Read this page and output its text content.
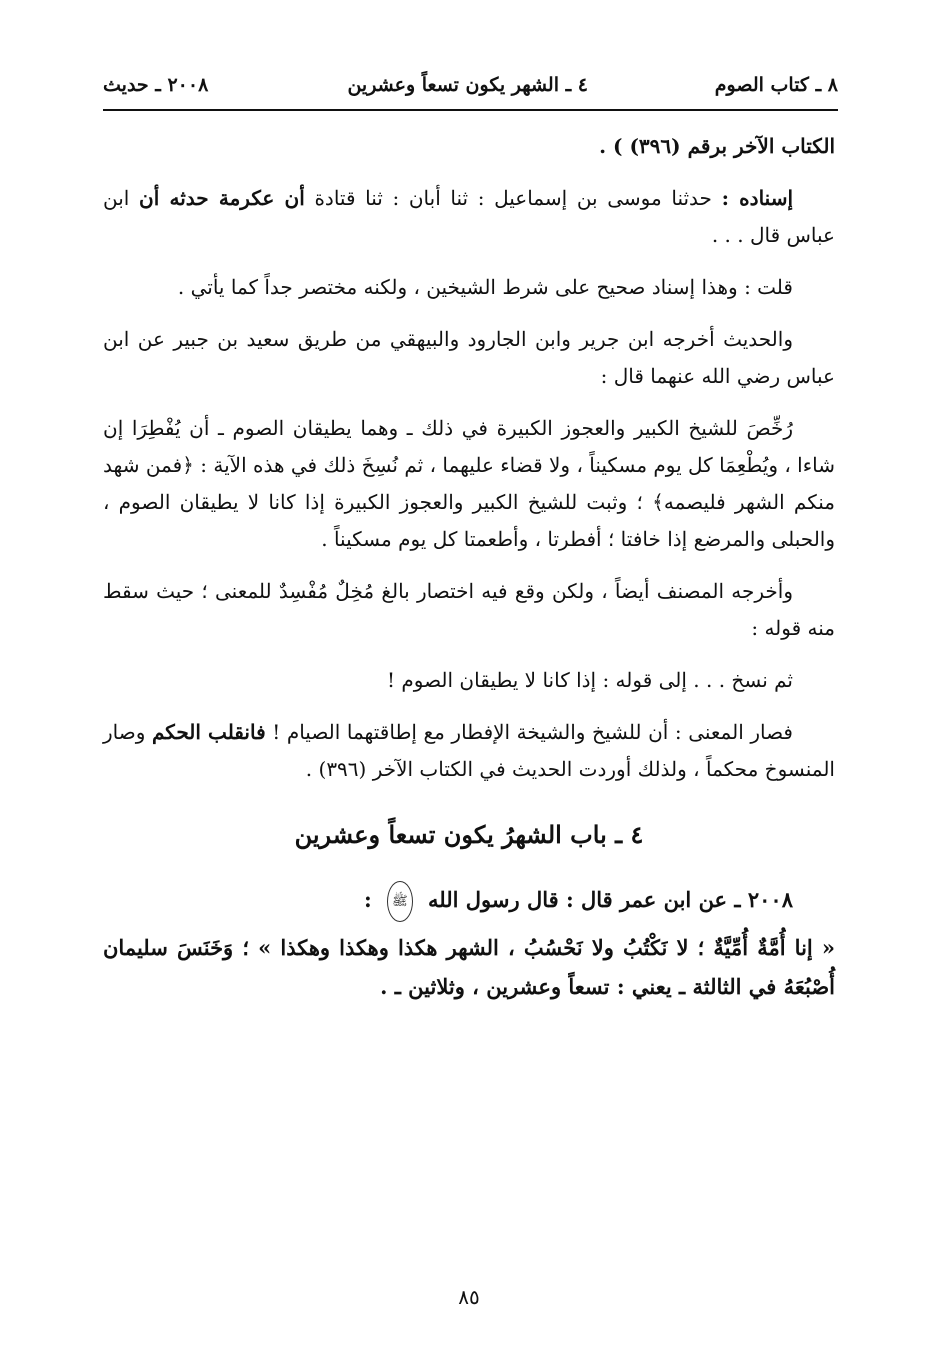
٨ ـ كتاب الصوم
٤ ـ الشهر يكون تسعاً وعشرين
٢٠٠٨ ـ حديث

الكتاب الآخر برقم (٣٩٦) ) .

إسناده : حدثنا موسى بن إسماعيل : ثنا أبان : ثنا قتادة أن عكرمة حدثه أن ابن عباس قال . . .

قلت : وهذا إسناد صحيح على شرط الشيخين ، ولكنه مختصر جداً كما يأتي .

والحديث أخرجه ابن جرير وابن الجارود والبيهقي من طريق سعيد بن جبير عن ابن عباس رضي الله عنهما قال :

رُخِّصَ للشيخ الكبير والعجوز الكبيرة في ذلك ـ وهما يطيقان الصوم ـ أن يُفْطِرَا إن شاءا ، ويُطْعِمَا كل يوم مسكيناً ، ولا قضاء عليهما ، ثم نُسِخَ ذلك في هذه الآية : ﴿فمن شهد منكم الشهر فليصمه﴾ ؛ وثبت للشيخ الكبير والعجوز الكبيرة إذا كانا لا يطيقان الصوم ، والحبلى والمرضع إذا خافتا ؛ أفطرتا ، وأطعمتا كل يوم مسكيناً .

وأخرجه المصنف أيضاً ، ولكن وقع فيه اختصار بالغ مُخِلٌ مُفْسِدٌ للمعنى ؛ حيث سقط منه قوله :

ثم نسخ . . . إلى قوله : إذا كانا لا يطيقان الصوم !

فصار المعنى : أن للشيخ والشيخة الإفطار مع إطاقتهما الصيام ! فانقلب الحكم وصار المنسوخ محكماً ، ولذلك أوردت الحديث في الكتاب الآخر (٣٩٦) .

٤ ـ باب الشهرُ يكون تسعاً وعشرين
٢٠٠٨ ـ عن ابن عمر قال : قال رسول الله ﷺ :

« إنا أُمَّةٌ أُمِّيَّةٌ ؛ لا نَكْتُبُ ولا نَحْسُبُ ، الشهر هكذا وهكذا وهكذا » ؛ وَخَنَسَ سليمان أُصْبُعَهُ في الثالثة ـ يعني : تسعاً وعشرين ، وثلاثين ـ .

٨٥
